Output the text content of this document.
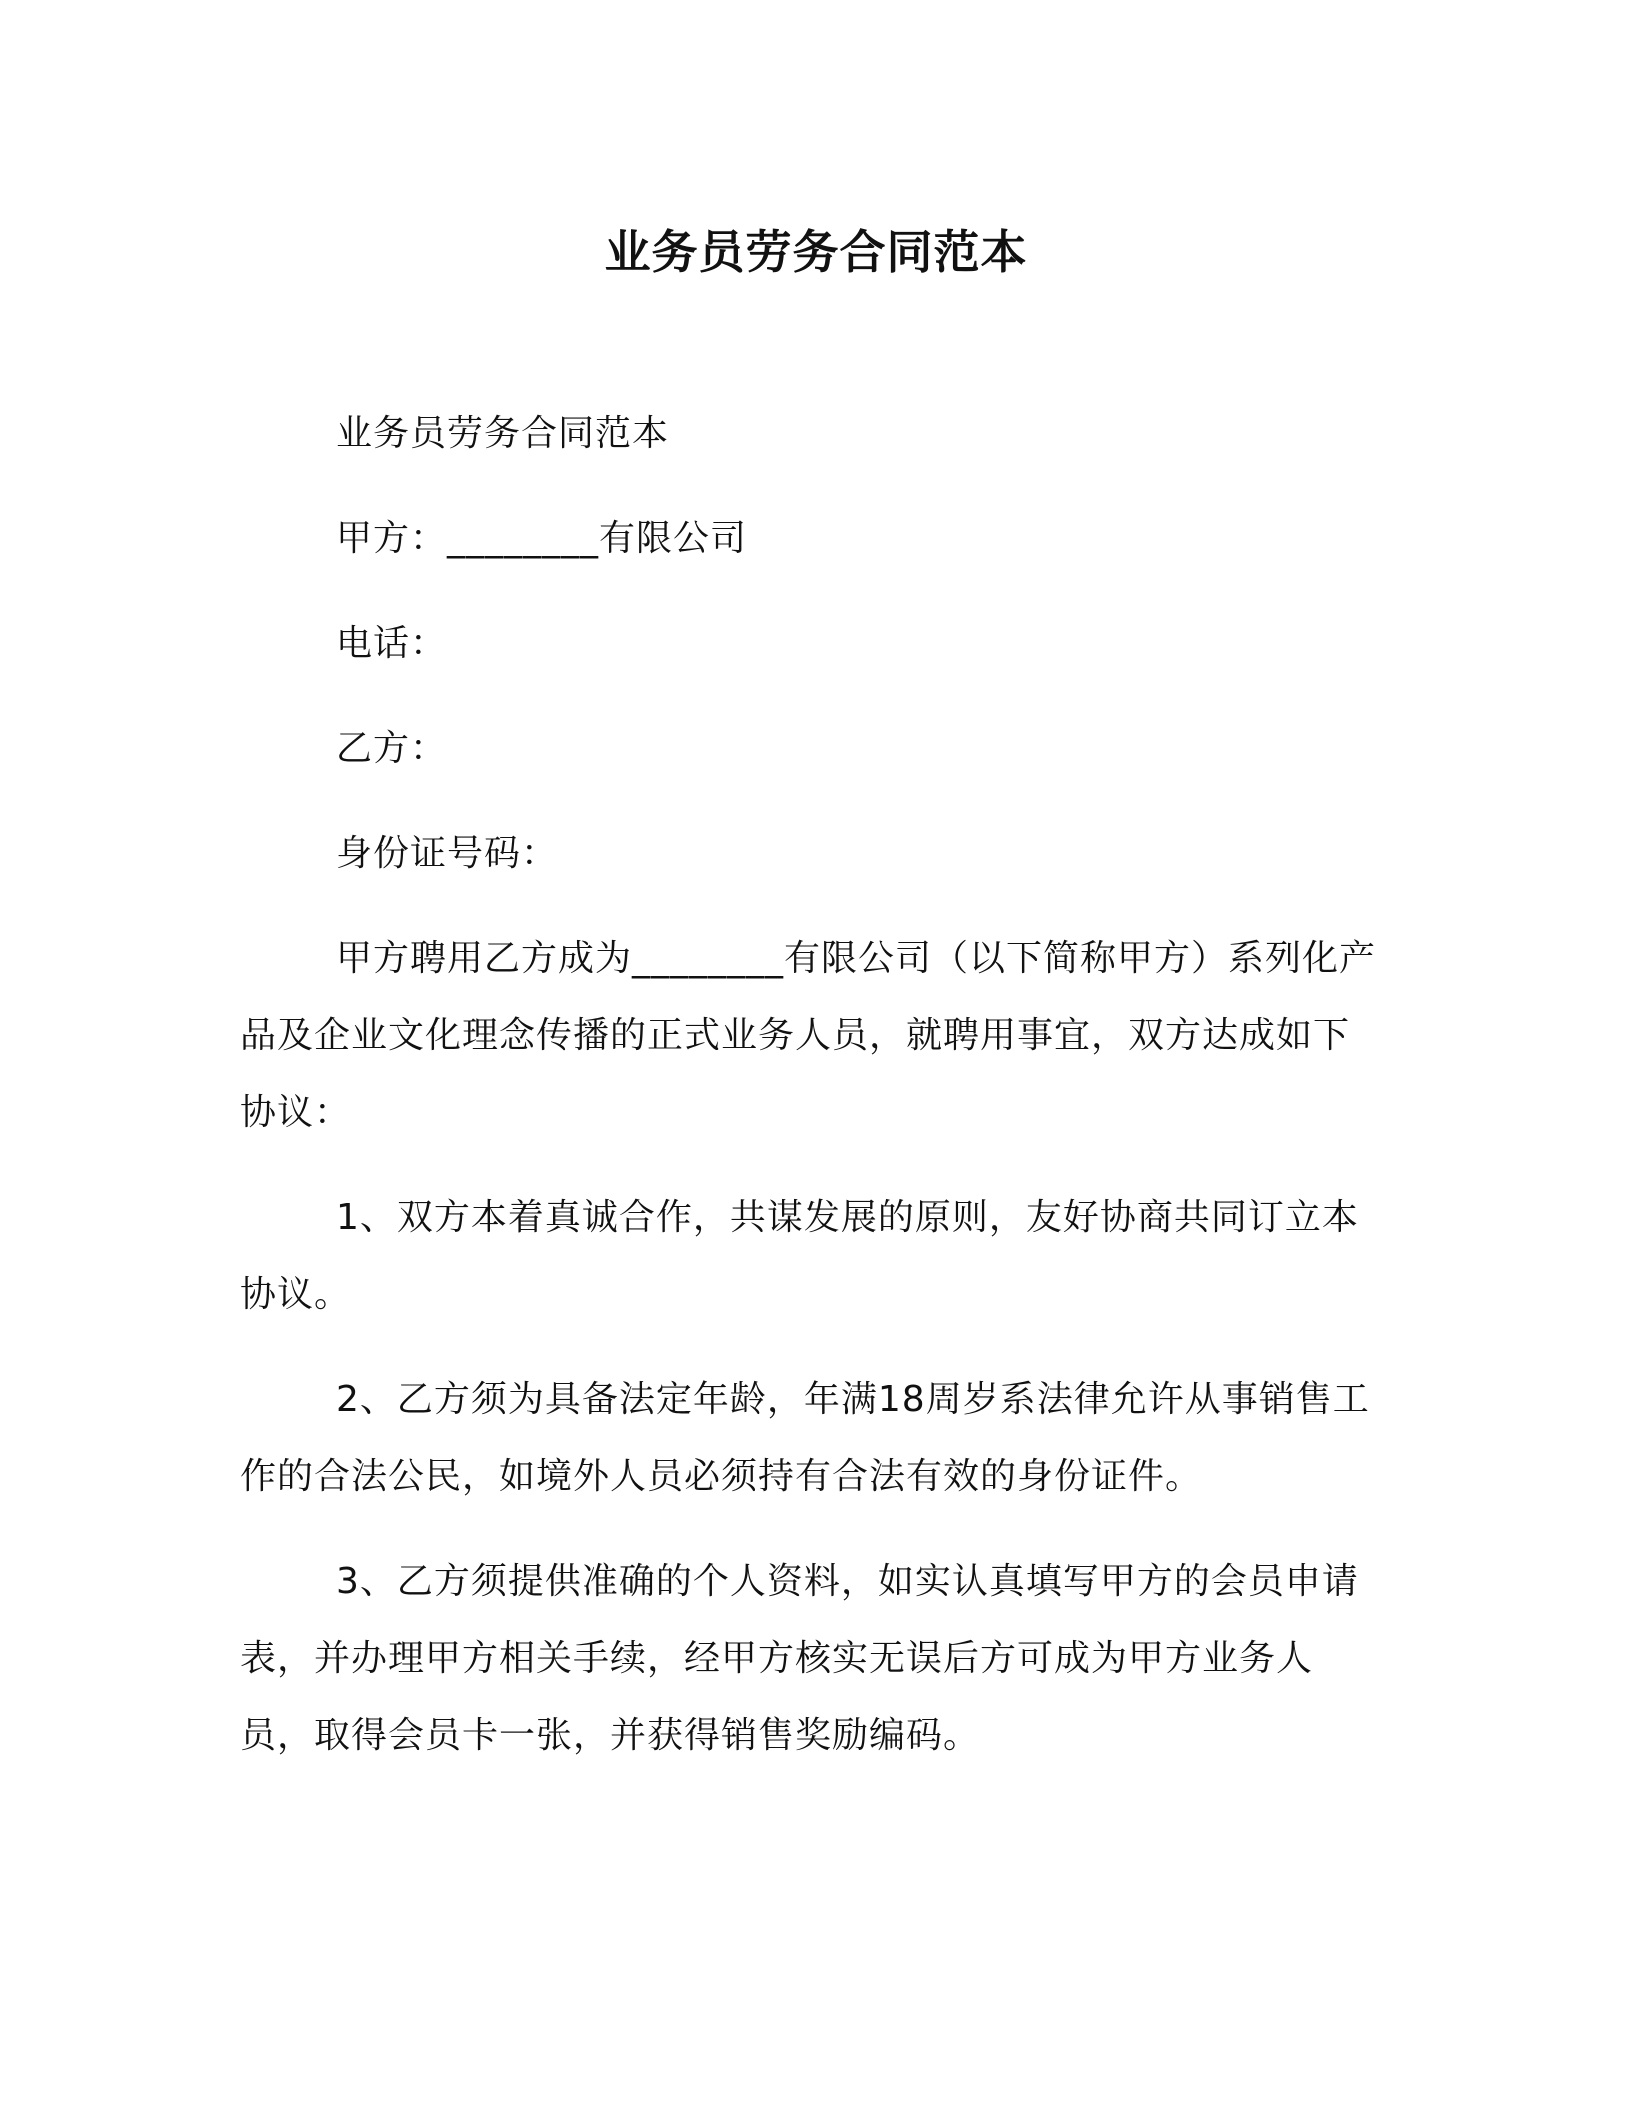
业务员劳务合同范本
业务员劳务合同范本
甲方：________有限公司
电话：
乙方：
身份证号码：

甲方聘用乙方成为________有限公司（以下简称甲方）系列化产品及企业文化理念传播的正式业务人员，就聘用事宜，双方达成如下协议：

1、双方本着真诚合作，共谋发展的原则，友好协商共同订立本协议。

2、乙方须为具备法定年龄，年满18周岁系法律允许从事销售工作的合法公民，如境外人员必须持有合法有效的身份证件。

3、乙方须提供准确的个人资料，如实认真填写甲方的会员申请表，并办理甲方相关手续，经甲方核实无误后方可成为甲方业务人员，取得会员卡一张，并获得销售奖励编码。
